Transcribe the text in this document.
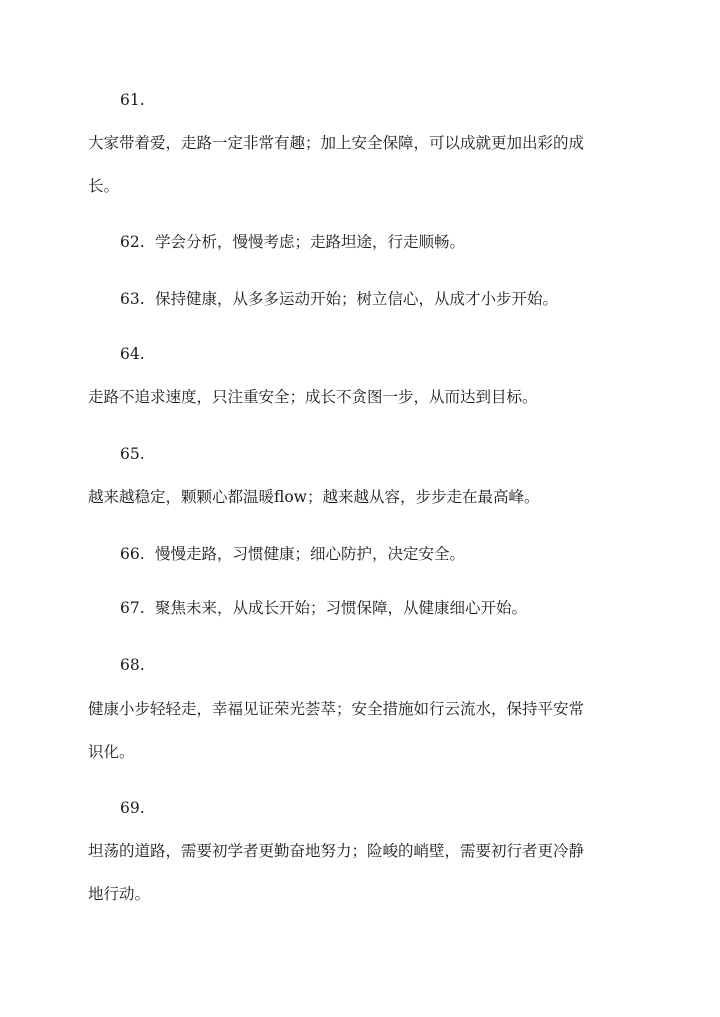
61.
大家带着爱，走路一定非常有趣；加上安全保障，可以成就更加出彩的成
长。
62. 学会分析，慢慢考虑；走路坦途，行走顺畅。
63. 保持健康，从多多运动开始；树立信心，从成才小步开始。
64.
走路不追求速度，只注重安全；成长不贪图一步，从而达到目标。
65.
越来越稳定，颗颗心都温暖flow；越来越从容，步步走在最高峰。
66. 慢慢走路，习惯健康；细心防护，决定安全。
67. 聚焦未来，从成长开始；习惯保障，从健康细心开始。
68.
健康小步轻轻走，幸福见证荣光荟萃；安全措施如行云流水，保持平安常
识化。
69.
坦荡的道路，需要初学者更勤奋地努力；险峻的峭壁，需要初行者更冷静
地行动。
